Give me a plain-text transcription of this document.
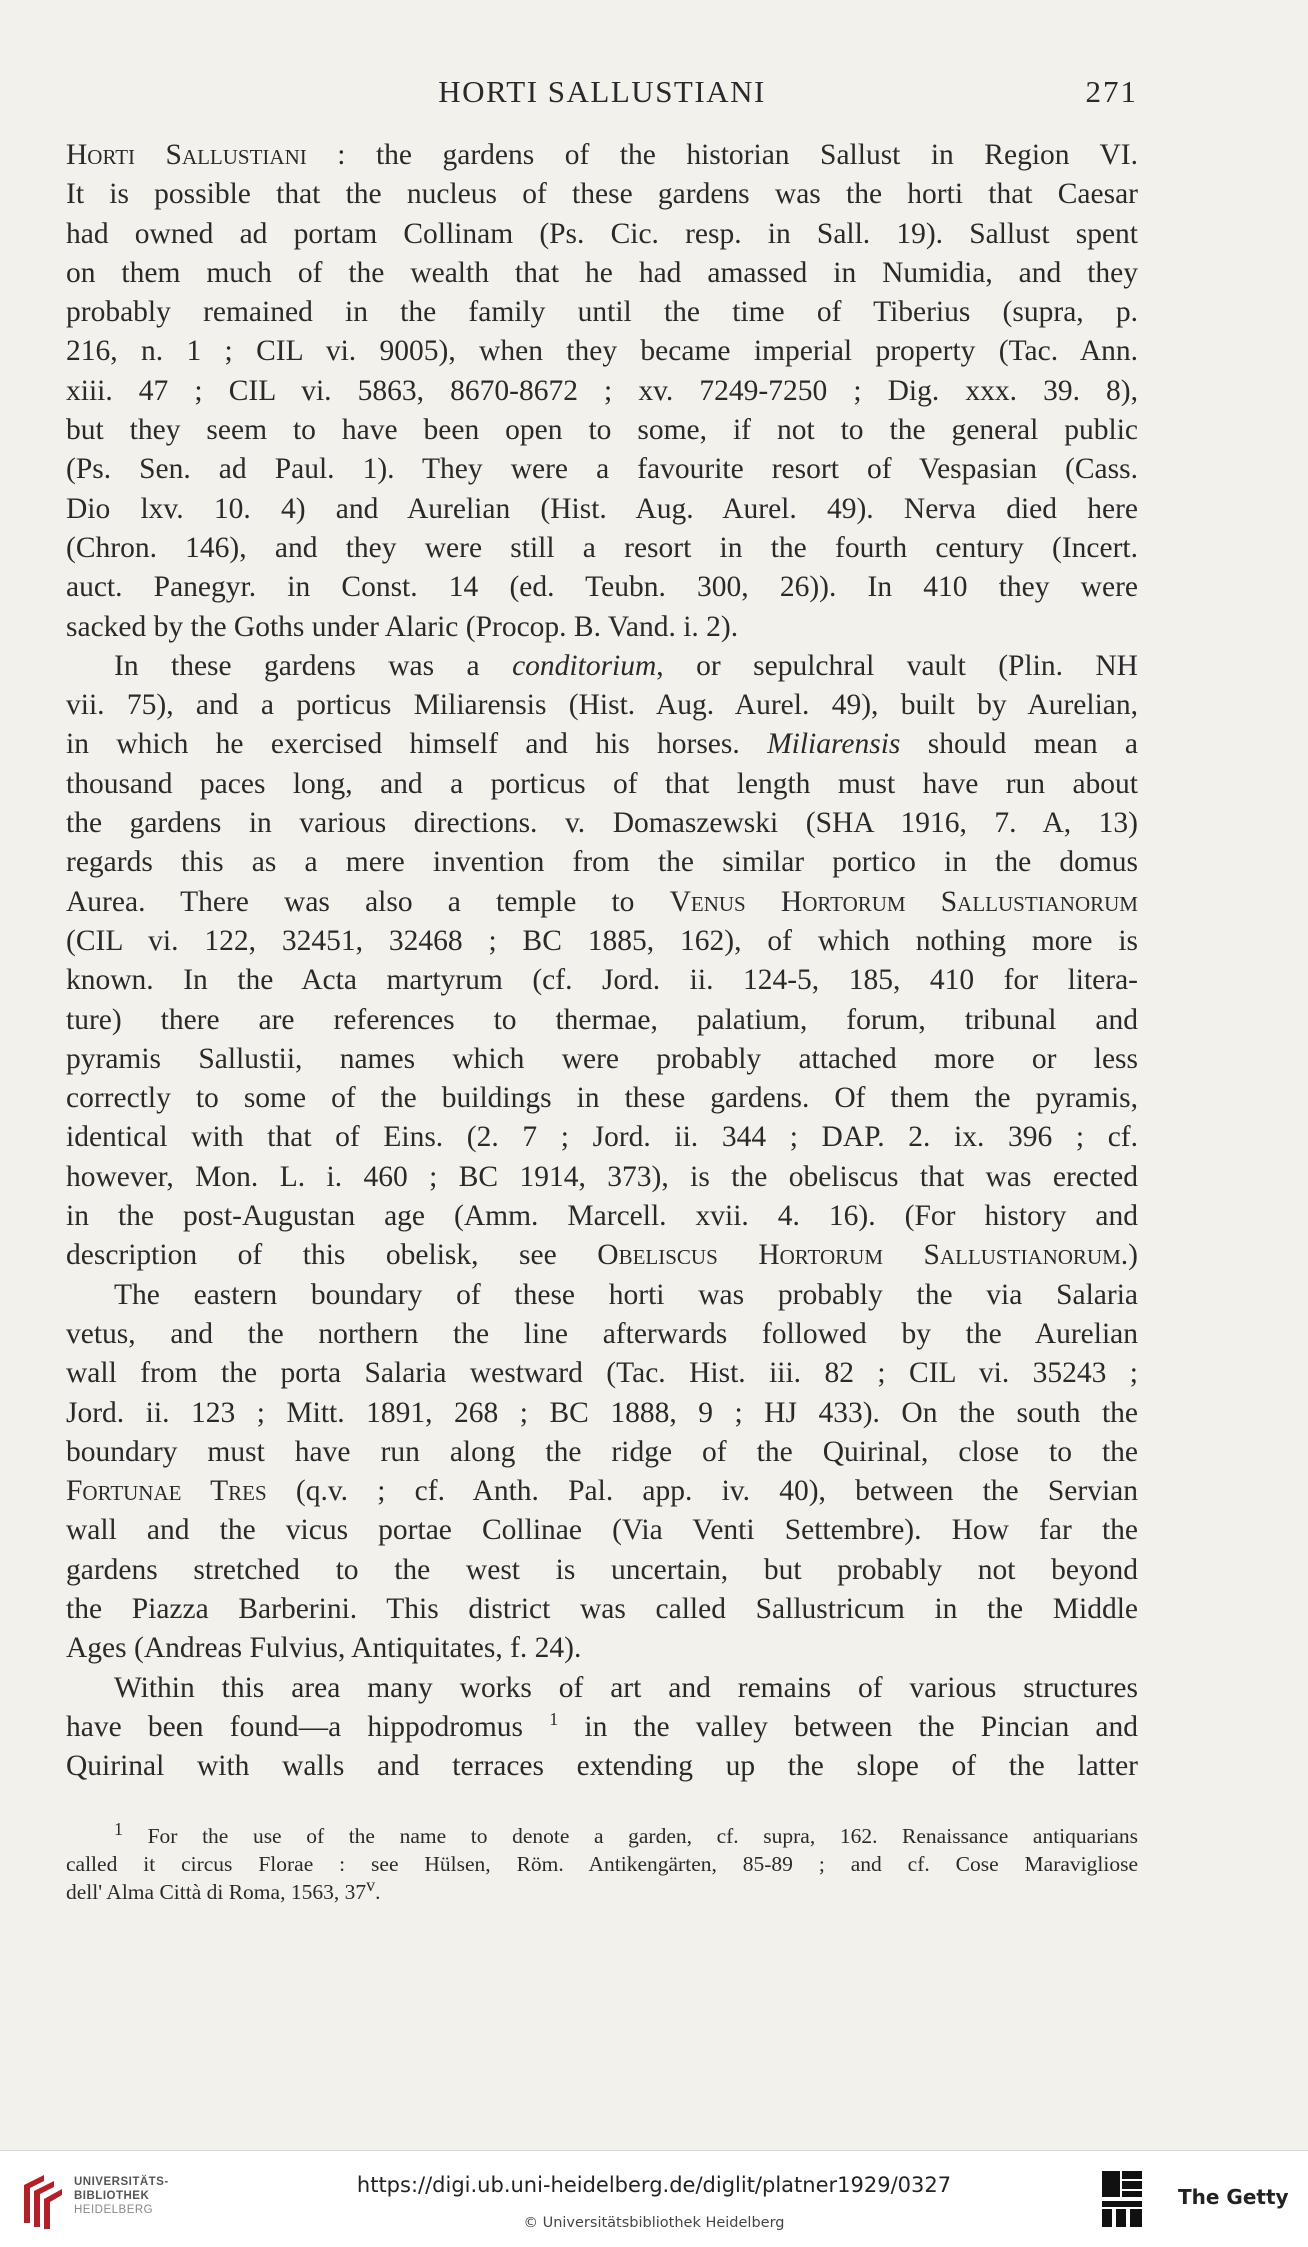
HORTI SALLUSTIANI	271
Horti Sallustiani : the gardens of the historian Sallust in Region VI.
It is possible that the nucleus of these gardens was the horti that Caesar
had owned ad portam Collinam (Ps. Cic. resp. in Sall. 19). Sallust spent
on them much of the wealth that he had amassed in Numidia, and they
probably remained in the family until the time of Tiberius (supra, p.
216, n. 1 ; CIL vi. 9005), when they became imperial property (Tac. Ann.
xiii. 47 ; CIL vi. 5863, 8670-8672 ; xv. 7249-7250 ; Dig. xxx. 39. 8),
but they seem to have been open to some, if not to the general public
(Ps. Sen. ad Paul. 1). They were a favourite resort of Vespasian (Cass.
Dio lxv. 10. 4) and Aurelian (Hist. Aug. Aurel. 49). Nerva died here
(Chron. 146), and they were still a resort in the fourth century (Incert.
auct. Panegyr. in Const. 14 (ed. Teubn. 300, 26)). In 410 they were
sacked by the Goths under Alaric (Procop. B. Vand. i. 2).
In these gardens was a conditorium, or sepulchral vault (Plin. NH
vii. 75), and a porticus Miliarensis (Hist. Aug. Aurel. 49), built by Aurelian,
in which he exercised himself and his horses. Miliarensis should mean a
thousand paces long, and a porticus of that length must have run about
the gardens in various directions. v. Domaszewski (SHA 1916, 7. A, 13)
regards this as a mere invention from the similar portico in the domus
Aurea. There was also a temple to Venus Hortorum Sallustianorum
(CIL vi. 122, 32451, 32468 ; BC 1885, 162), of which nothing more is
known. In the Acta martyrum (cf. Jord. ii. 124-5, 185, 410 for litera-
ture) there are references to thermae, palatium, forum, tribunal and
pyramis Sallustii, names which were probably attached more or less
correctly to some of the buildings in these gardens. Of them the pyramis,
identical with that of Eins. (2. 7 ; Jord. ii. 344 ; DAP. 2. ix. 396 ; cf.
however, Mon. L. i. 460 ; BC 1914, 373), is the obeliscus that was erected
in the post-Augustan age (Amm. Marcell. xvii. 4. 16). (For history and
description of this obelisk, see Obeliscus Hortorum Sallustianorum.)
The eastern boundary of these horti was probably the via Salaria
vetus, and the northern the line afterwards followed by the Aurelian
wall from the porta Salaria westward (Tac. Hist. iii. 82 ; CIL vi. 35243 ;
Jord. ii. 123 ; Mitt. 1891, 268 ; BC 1888, 9 ; HJ 433). On the south the
boundary must have run along the ridge of the Quirinal, close to the
Fortunae Tres (q.v. ; cf. Anth. Pal. app. iv. 40), between the Servian
wall and the vicus portae Collinae (Via Venti Settembre). How far the
gardens stretched to the west is uncertain, but probably not beyond
the Piazza Barberini. This district was called Sallustricum in the Middle
Ages (Andreas Fulvius, Antiquitates, f. 24).
Within this area many works of art and remains of various structures
have been found—a hippodromus $^1$ in the valley between the Pincian and
Quirinal with walls and terraces extending up the slope of the latter
$^1$ For the use of the name to denote a garden, cf. supra, 162. Renaissance antiquarians
called it circus Florae : see Hülsen, Röm. Antikengärten, 85-89 ; and cf. Cose Maravigliose
dell' Alma Città di Roma, 1563, 37$^v$.
UNIVERSITÄTS-
BIBLIOTHEK
HEIDELBERG
https://digi.ub.uni-heidelberg.de/diglit/platner1929/0327
© Universitätsbibliothek Heidelberg
The Getty
